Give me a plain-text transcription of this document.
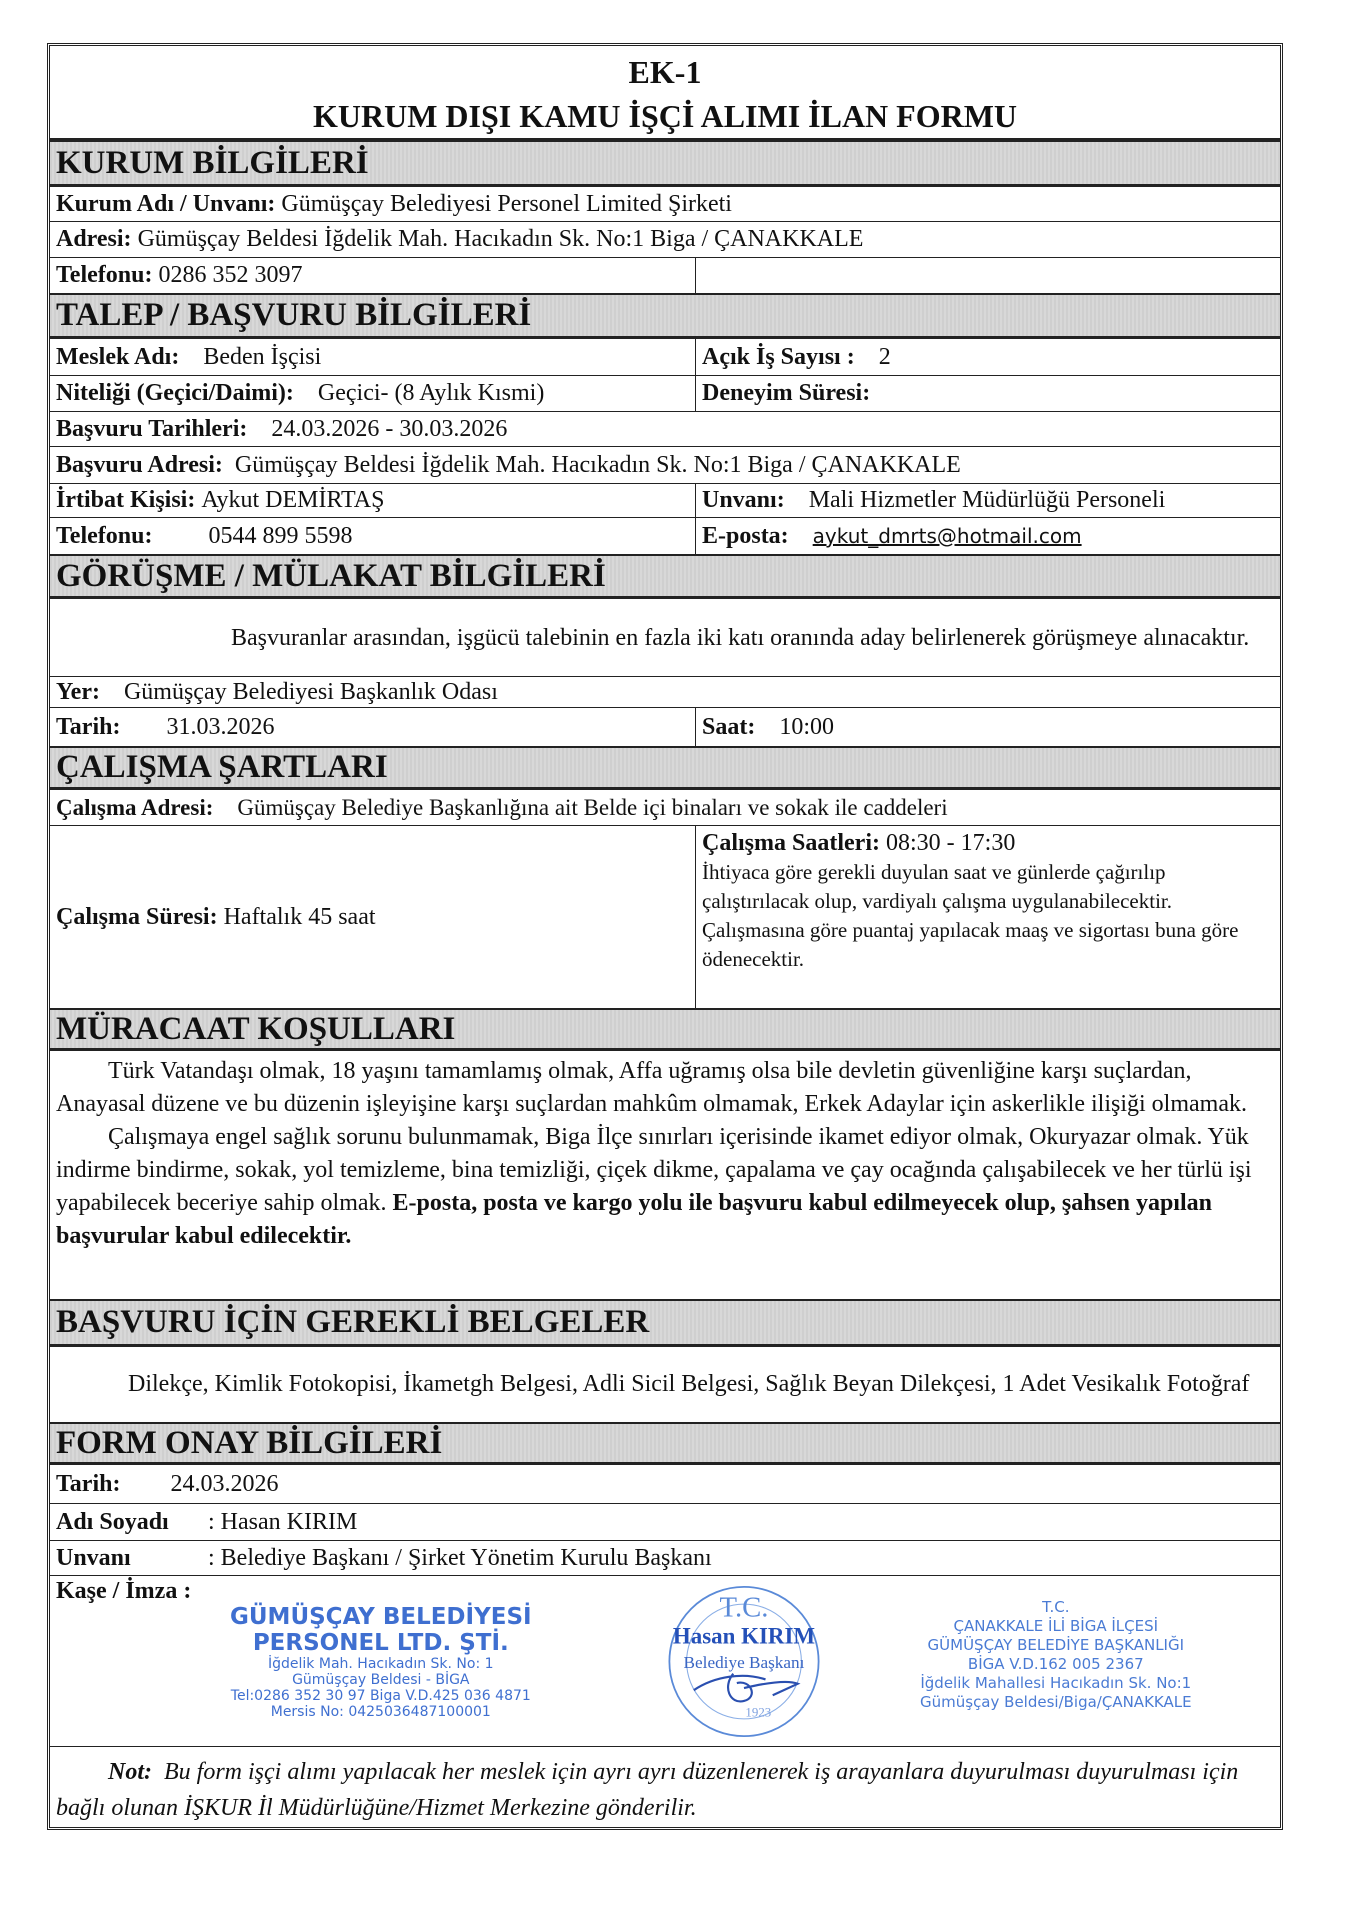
EK-1
KURUM DIŞI KAMU İŞÇİ ALIMI İLAN FORMU
KURUM BİLGİLERİ
Kurum Adı / Unvanı:
Gümüşçay Belediyesi Personel Limited Şirketi
Adresi:
Gümüşçay Beldesi İğdelik Mah. Hacıkadın Sk. No:1 Biga / ÇANAKKALE
Telefonu:
0286 352 3097
TALEP / BAŞVURU BİLGİLERİ
Meslek Adı: Beden İşçisi	Açık İş Sayısı : 2
Niteliği (Geçici/Daimi): Geçici- (8 Aylık Kısmi)	Deneyim Süresi:
Başvuru Tarihleri: 24.03.2026 - 30.03.2026
Başvuru Adresi:
Gümüşçay Beldesi İğdelik Mah. Hacıkadın Sk. No:1 Biga / ÇANAKKALE
İrtibat Kişisi:
Aykut DEMİRTAŞ	Unvanı: Mali Hizmetler Müdürlüğü Personeli
Telefonu: 0544 899 5598	E-posta: aykut_dmrts@hotmail.com
GÖRÜŞME / MÜLAKAT BİLGİLERİ
Başvuranlar arasından, işgücü talebinin en fazla iki katı oranında aday belirlenerek görüşmeye alınacaktır.
Yer: Gümüşçay Belediyesi Başkanlık Odası
Tarih: 31.03.2026	Saat: 10:00
ÇALIŞMA ŞARTLARI
Çalışma Adresi: Gümüşçay Belediye Başkanlığına ait Belde içi binaları ve sokak ile caddeleri
Çalışma Süresi:
Haftalık 45 saat
Çalışma Saatleri: 08:30 - 17:30
İhtiyaca göre gerekli duyulan saat ve günlerde çağırılıp çalıştırılacak olup, vardiyalı çalışma uygulanabilecektir. Çalışmasına göre puantaj yapılacak maaş ve sigortası buna göre ödenecektir.
MÜRACAAT KOŞULLARI
Türk Vatandaşı olmak, 18 yaşını tamamlamış olmak, Affa uğramış olsa bile devletin güvenliğine karşı suçlardan, Anayasal düzene ve bu düzenin işleyişine karşı suçlardan mahkûm olmamak, Erkek Adaylar için askerlikle ilişiği olmamak.
Çalışmaya engel sağlık sorunu bulunmamak, Biga İlçe sınırları içerisinde ikamet ediyor olmak, Okuryazar olmak. Yük indirme bindirme, sokak, yol temizleme, bina temizliği, çiçek dikme, çapalama ve çay ocağında çalışabilecek ve her türlü işi yapabilecek beceriye sahip olmak. E-posta, posta ve kargo yolu ile başvuru kabul edilmeyecek olup, şahsen yapılan başvurular kabul edilecektir.
BAŞVURU İÇİN GEREKLİ BELGELER
Dilekçe, Kimlik Fotokopisi, İkametgh Belgesi, Adli Sicil Belgesi, Sağlık Beyan Dilekçesi, 1 Adet Vesikalık Fotoğraf
FORM ONAY BİLGİLERİ
Tarih: 24.03.2026
Adı Soyadı	: Hasan KIRIM
Unvanı	: Belediye Başkanı / Şirket Yönetim Kurulu Başkanı
Kaşe / İmza :
GÜMÜŞÇAY BELEDİYESİ
PERSONEL LTD. ŞTİ.
İğdelik Mah. Hacıkadın Sk. No: 1
Gümüşçay Beldesi - BİGA
Tel:0286 352 30 97 Biga V.D.425 036 4871
Mersis No: 0425036487100001
T.C.
Hasan KIRIM
Belediye Başkanı
1923
T.C.
ÇANAKKALE İLİ BİGA İLÇESİ
GÜMÜŞÇAY BELEDİYE BAŞKANLIĞI
BİGA V.D.162 005 2367
İğdelik Mahallesi Hacıkadın Sk. No:1
Gümüşçay Beldesi/Biga/ÇANAKKALE
Not: Bu form işçi alımı yapılacak her meslek için ayrı ayrı düzenlenerek iş arayanlara duyurulması duyurulması için bağlı olunan İŞKUR İl Müdürlüğüne/Hizmet Merkezine gönderilir.
